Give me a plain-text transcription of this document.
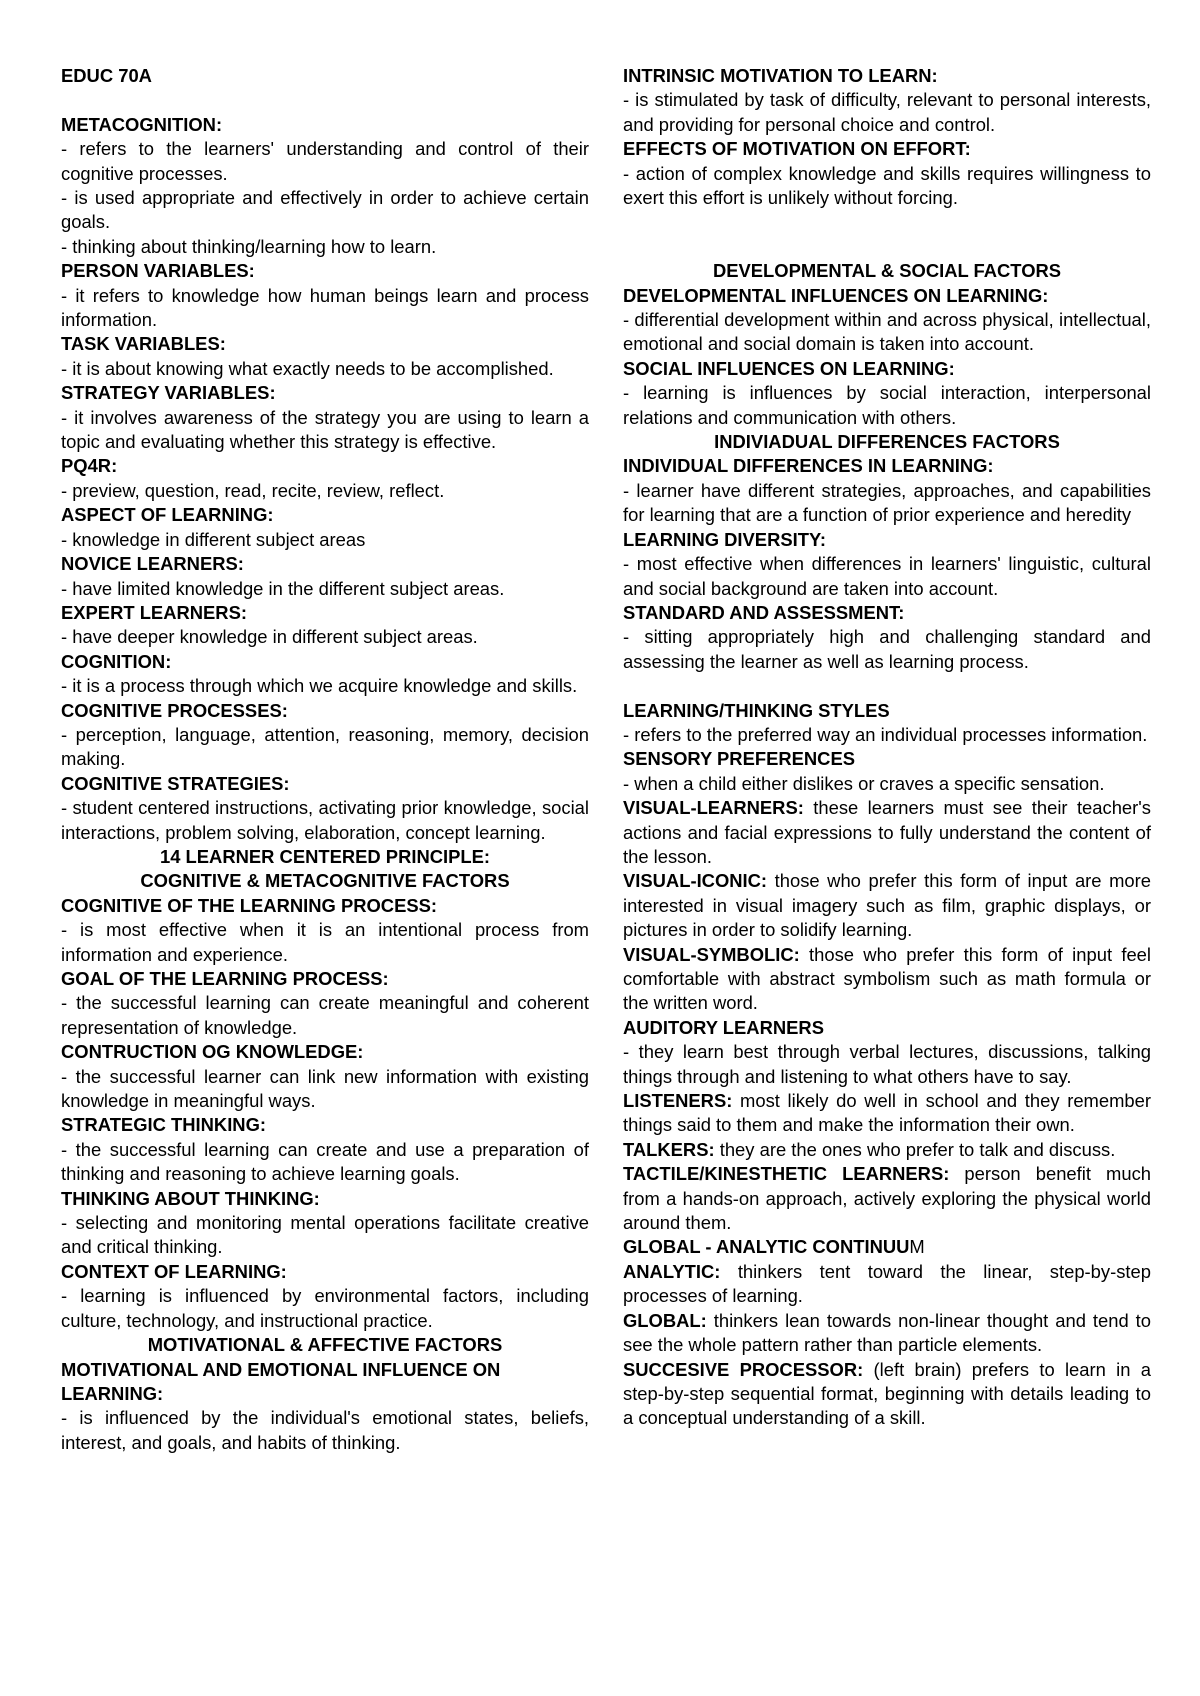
EDUC 70A

METACOGNITION:

- refers to the learners' understanding and control of their cognitive processes.

- is used appropriate and effectively in order to achieve certain goals.

- thinking about thinking/learning how to learn.

PERSON VARIABLES:

- it refers to knowledge how human beings learn and process information.

TASK VARIABLES:

- it is about knowing what exactly needs to be accomplished.

STRATEGY VARIABLES:

- it involves awareness of the strategy you are using to learn a topic and evaluating whether this strategy is effective.

PQ4R:

- preview, question, read, recite, review, reflect.

ASPECT OF LEARNING:

- knowledge in different subject areas

NOVICE LEARNERS:

- have limited knowledge in the different subject areas.

EXPERT LEARNERS:

- have deeper knowledge in different subject areas.

COGNITION:

- it is a process through which we acquire knowledge and skills.

COGNITIVE PROCESSES:

- perception, language, attention, reasoning, memory, decision making.

COGNITIVE STRATEGIES:

- student centered instructions, activating prior knowledge, social interactions, problem solving, elaboration, concept learning.

14 LEARNER CENTERED PRINCIPLE:

COGNITIVE & METACOGNITIVE FACTORS

COGNITIVE OF THE LEARNING PROCESS:

- is most effective when it is an intentional process from information and experience.

GOAL OF THE LEARNING PROCESS:

- the successful learning can create meaningful and coherent representation of knowledge.

CONTRUCTION OG KNOWLEDGE:

- the successful learner can link new information with existing knowledge in meaningful ways.

STRATEGIC THINKING:

- the successful learning can create and use a preparation of thinking and reasoning to achieve learning goals.

THINKING ABOUT THINKING:

- selecting and monitoring mental operations facilitate creative and critical thinking.

CONTEXT OF LEARNING:

- learning is influenced by environmental factors, including culture, technology, and instructional practice.

MOTIVATIONAL & AFFECTIVE FACTORS

MOTIVATIONAL AND EMOTIONAL INFLUENCE ON LEARNING:

- is influenced by the individual's emotional states, beliefs, interest, and goals, and habits of thinking.

INTRINSIC MOTIVATION TO LEARN:

- is stimulated by task of difficulty, relevant to personal interests, and providing for personal choice and control.

EFFECTS OF MOTIVATION ON EFFORT:

- action of complex knowledge and skills requires willingness to exert this effort is unlikely without forcing.

DEVELOPMENTAL & SOCIAL FACTORS

DEVELOPMENTAL INFLUENCES ON LEARNING:

- differential development within and across physical, intellectual, emotional and social domain is taken into account.

SOCIAL INFLUENCES ON LEARNING:

- learning is influences by social interaction, interpersonal relations and communication with others.

INDIVIADUAL DIFFERENCES FACTORS

INDIVIDUAL DIFFERENCES IN LEARNING:

- learner have different strategies, approaches, and capabilities for learning that are a function of prior experience and heredity

LEARNING DIVERSITY:

- most effective when differences in learners' linguistic, cultural and social background are taken into account.

STANDARD AND ASSESSMENT:

- sitting appropriately high and challenging standard and assessing the learner as well as learning process.

LEARNING/THINKING STYLES

- refers to the preferred way an individual processes information.

SENSORY PREFERENCES

- when a child either dislikes or craves a specific sensation.

VISUAL-LEARNERS: these learners must see their teacher's actions and facial expressions to fully understand the content of the lesson.

VISUAL-ICONIC: those who prefer this form of input are more interested in visual imagery such as film, graphic displays, or pictures in order to solidify learning.

VISUAL-SYMBOLIC: those who prefer this form of input feel comfortable with abstract symbolism such as math formula or the written word.

AUDITORY LEARNERS

- they learn best through verbal lectures, discussions, talking things through and listening to what others have to say.

LISTENERS: most likely do well in school and they remember things said to them and make the information their own.

TALKERS: they are the ones who prefer to talk and discuss.

TACTILE/KINESTHETIC LEARNERS: person benefit much from a hands-on approach, actively exploring the physical world around them.

GLOBAL - ANALYTIC CONTINUUM

ANALYTIC: thinkers tent toward the linear, step-by-step processes of learning.

GLOBAL: thinkers lean towards non-linear thought and tend to see the whole pattern rather than particle elements.

SUCCESIVE PROCESSOR: (left brain) prefers to learn in a step-by-step sequential format, beginning with details leading to a conceptual understanding of a skill.
